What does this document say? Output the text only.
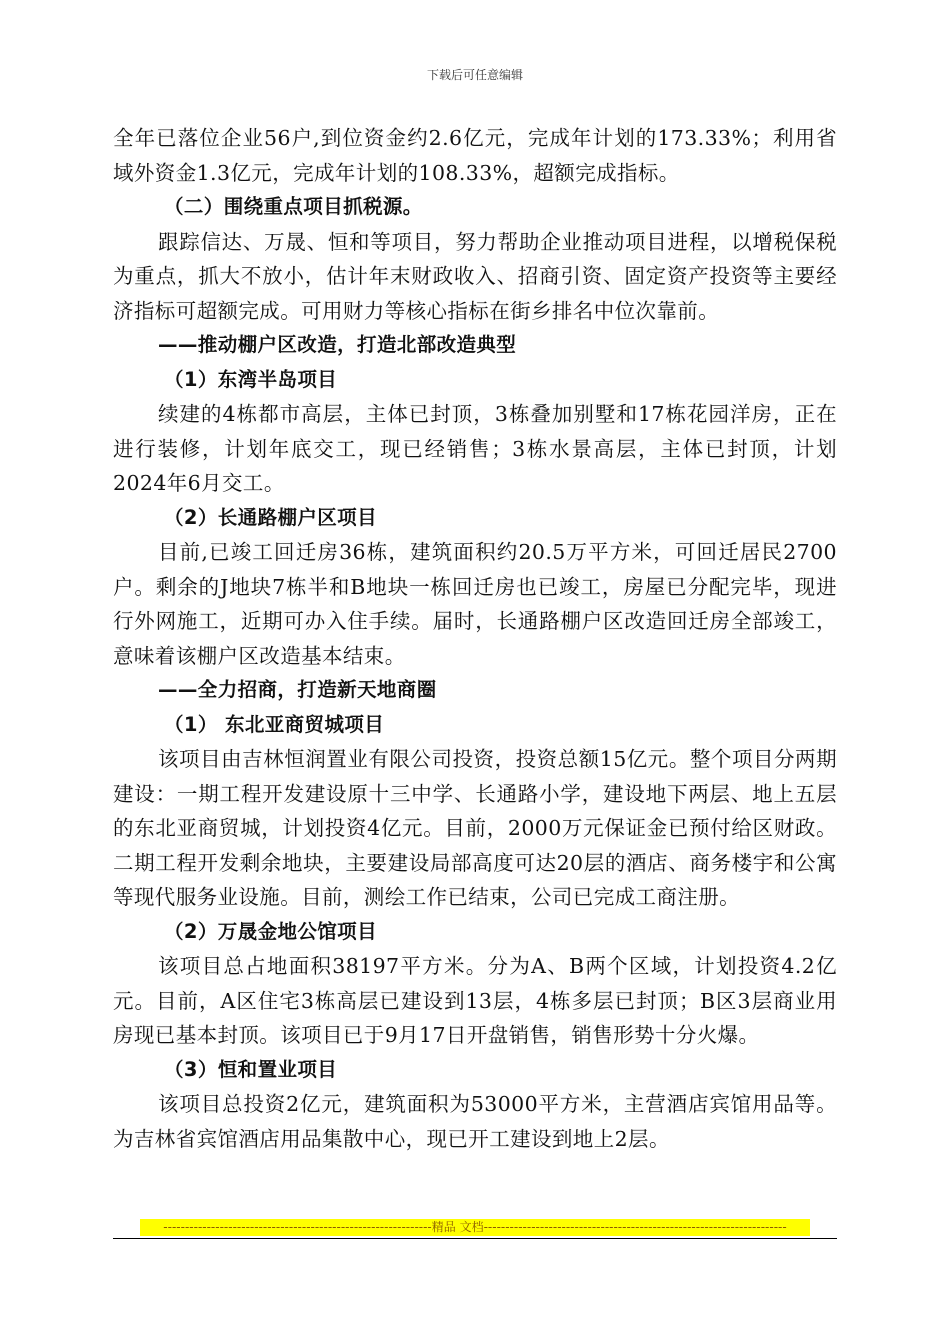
下载后可任意编辑

全年已落位企业56户,到位资金约2.6亿元，完成年计划的173.33%；利用省域外资金1.3亿元，完成年计划的108.33%，超额完成指标。

（二）围绕重点项目抓税源。

跟踪信达、万晟、恒和等项目，努力帮助企业推动项目进程，以增税保税为重点，抓大不放小，估计年末财政收入、招商引资、固定资产投资等主要经济指标可超额完成。可用财力等核心指标在街乡排名中位次靠前。

——推动棚户区改造，打造北部改造典型

（1）东湾半岛项目

续建的4栋都市高层，主体已封顶，3栋叠加别墅和17栋花园洋房，正在进行装修，计划年底交工，现已经销售；3栋水景高层，主体已封顶，计划2024年6月交工。

（2）长通路棚户区项目

目前,已竣工回迁房36栋，建筑面积约20.5万平方米，可回迁居民2700户。剩余的J地块7栋半和B地块一栋回迁房也已竣工，房屋已分配完毕，现进行外网施工，近期可办入住手续。届时，长通路棚户区改造回迁房全部竣工，意味着该棚户区改造基本结束。

——全力招商，打造新天地商圈

（1） 东北亚商贸城项目

该项目由吉林恒润置业有限公司投资，投资总额15亿元。整个项目分两期建设：一期工程开发建设原十三中学、长通路小学，建设地下两层、地上五层的东北亚商贸城，计划投资4亿元。目前，2000万元保证金已预付给区财政。二期工程开发剩余地块，主要建设局部高度可达20层的酒店、商务楼宇和公寓等现代服务业设施。目前，测绘工作已结束，公司已完成工商注册。

（2）万晟金地公馆项目

该项目总占地面积38197平方米。分为A、B两个区域，计划投资4.2亿元。目前，A区住宅3栋高层已建设到13层，4栋多层已封顶；B区3层商业用房现已基本封顶。该项目已于9月17日开盘销售，销售形势十分火爆。

（3）恒和置业项目

该项目总投资2亿元，建筑面积为53000平方米，主营酒店宾馆用品等。为吉林省宾馆酒店用品集散中心，现已开工建设到地上2层。

--------------------------------------------------------------精品 文档----------------------------------------------------------------------
